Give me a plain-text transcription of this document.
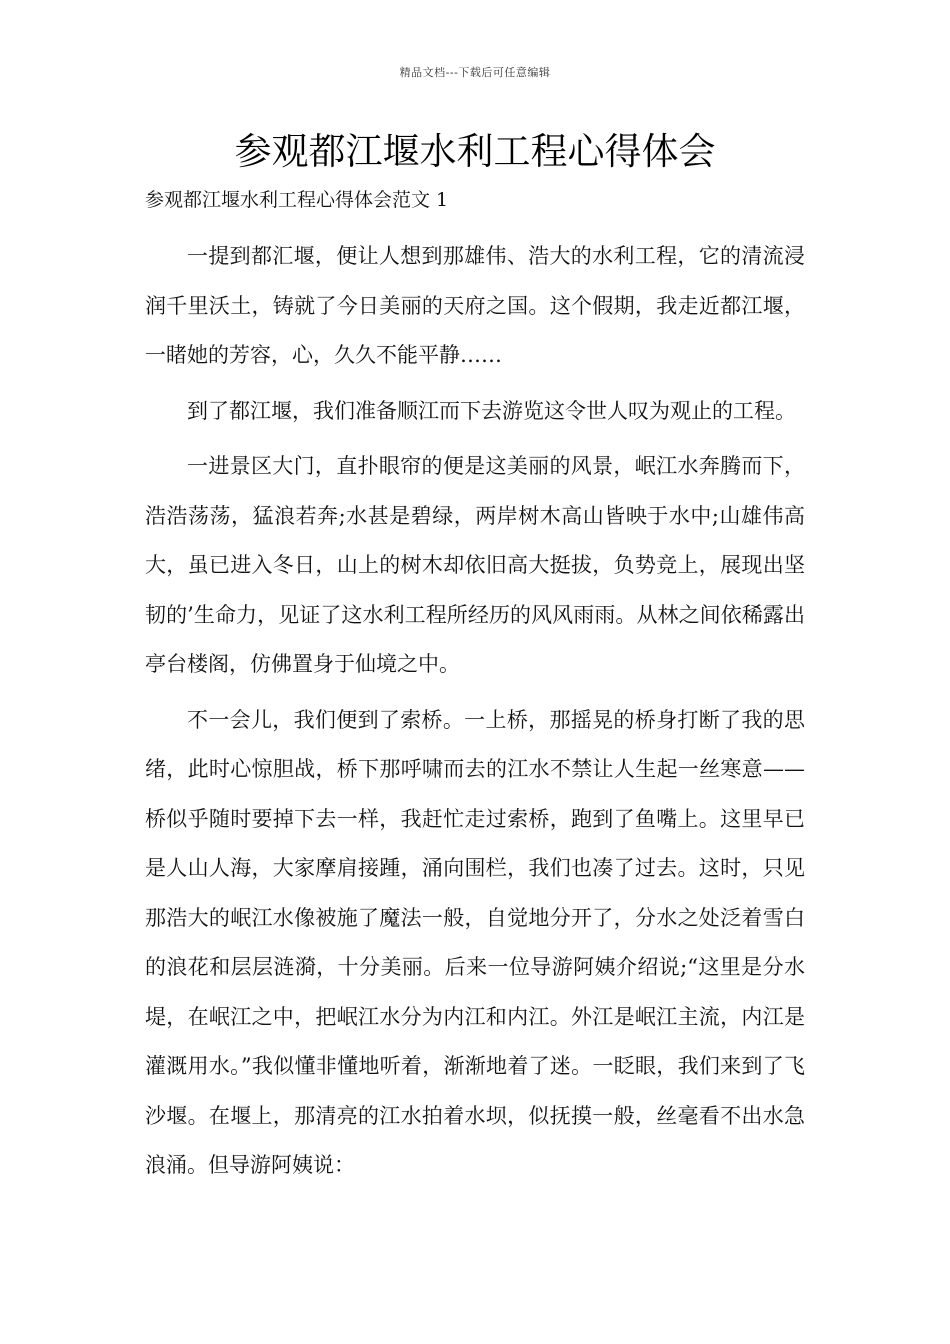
精品文档---下载后可任意编辑
参观都江堰水利工程心得体会
参观都江堰水利工程心得体会范文 1

一提到都汇堰，便让人想到那雄伟、浩大的水利工程，它的清流浸润千里沃土，铸就了今日美丽的天府之国。这个假期，我走近都江堰，一睹她的芳容，心，久久不能平静……

到了都江堰，我们准备顺江而下去游览这令世人叹为观止的工程。

一进景区大门，直扑眼帘的便是这美丽的风景，岷江水奔腾而下，浩浩荡荡，猛浪若奔;水甚是碧绿，两岸树木高山皆映于水中;山雄伟高大，虽已进入冬日，山上的树木却依旧高大挺拔，负势竞上，展现出坚韧的’生命力，见证了这水利工程所经历的风风雨雨。从林之间依稀露出亭台楼阁，仿佛置身于仙境之中。

不一会儿，我们便到了索桥。一上桥，那摇晃的桥身打断了我的思绪，此时心惊胆战，桥下那呼啸而去的江水不禁让人生起一丝寒意——桥似乎随时要掉下去一样，我赶忙走过索桥，跑到了鱼嘴上。这里早已是人山人海，大家摩肩接踵，涌向围栏，我们也凑了过去。这时，只见那浩大的岷江水像被施了魔法一般，自觉地分开了，分水之处泛着雪白的浪花和层层涟漪，十分美丽。后来一位导游阿姨介绍说;“这里是分水堤，在岷江之中，把岷江水分为内江和内江。外江是岷江主流，内江是灌溉用水。”我似懂非懂地听着，渐渐地着了迷。一眨眼，我们来到了飞沙堰。在堰上，那清亮的江水拍着水坝，似抚摸一般，丝毫看不出水急浪涌。但导游阿姨说：
